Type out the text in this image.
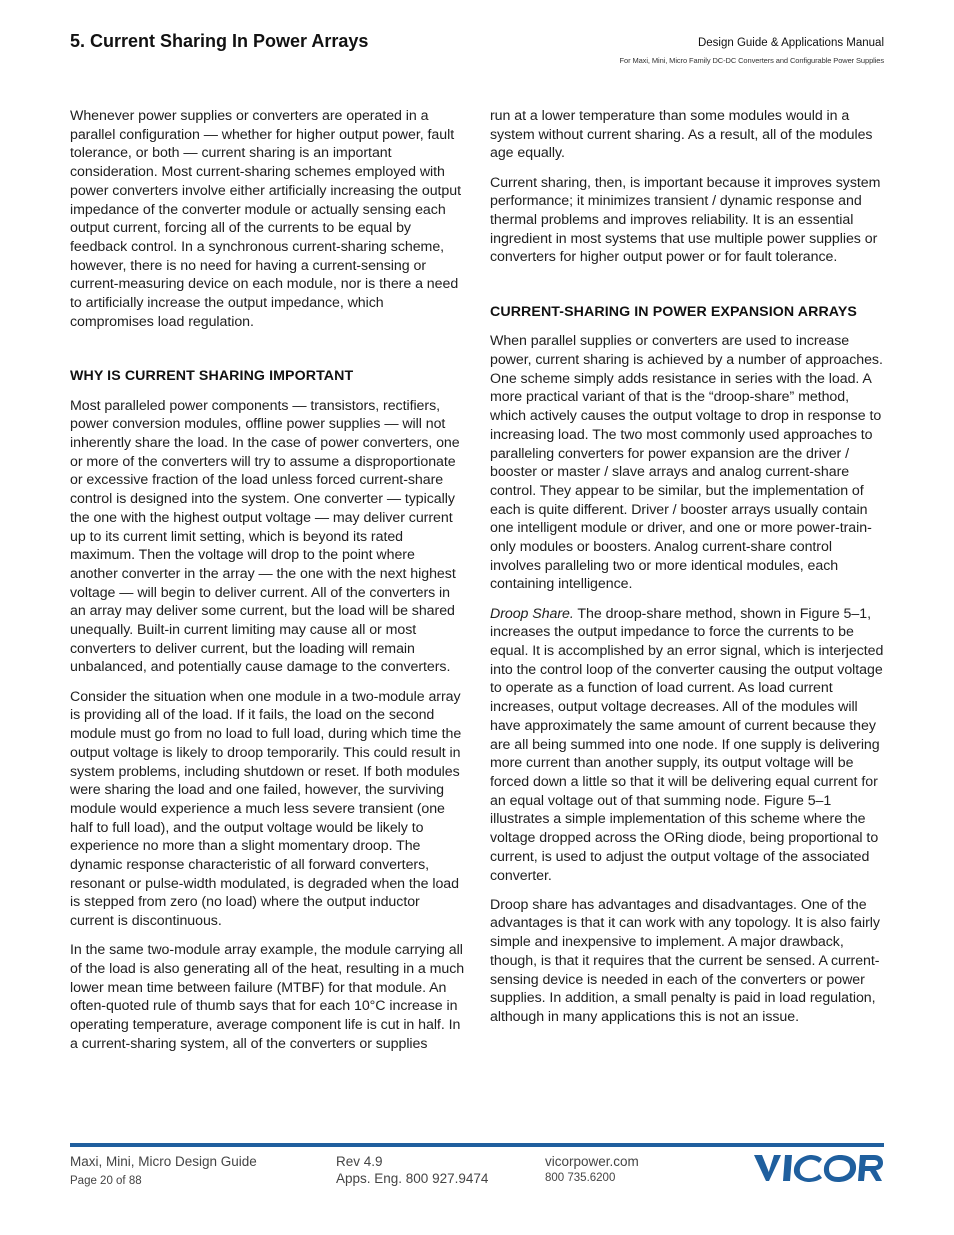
5. Current Sharing In Power Arrays	Design Guide & Applications Manual
For Maxi, Mini, Micro Family DC-DC Converters and Configurable Power Supplies

Whenever power supplies or converters are operated in a parallel configuration — whether for higher output power, fault tolerance, or both — current sharing is an important consideration. Most current-sharing schemes employed with power converters involve either artificially increasing the output impedance of the converter module or actually sensing each output current, forcing all of the currents to be equal by feedback control. In a synchronous current-sharing scheme, however, there is no need for having a current-sensing or current-measuring device on each module, nor is there a need to artificially increase the output impedance, which compromises load regulation.

WHY IS CURRENT SHARING IMPORTANT

Most paralleled power components — transistors, rectifiers, power conversion modules, offline power supplies — will not inherently share the load. In the case of power converters, one or more of the converters will try to assume a disproportionate or excessive fraction of the load unless forced current-share control is designed into the system. One converter — typically the one with the highest output voltage — may deliver current up to its current limit setting, which is beyond its rated maximum. Then the voltage will drop to the point where another converter in the array — the one with the next highest voltage — will begin to deliver current. All of the converters in an array may deliver some current, but the load will be shared unequally. Built-in current limiting may cause all or most converters to deliver current, but the loading will remain unbalanced, and potentially cause damage to the converters.

Consider the situation when one module in a two-module array is providing all of the load. If it fails, the load on the second module must go from no load to full load, during which time the output voltage is likely to droop temporarily. This could result in system problems, including shutdown or reset. If both modules were sharing the load and one failed, however, the surviving module would experience a much less severe transient (one half to full load), and the output voltage would be likely to experience no more than a slight momentary droop. The dynamic response characteristic of all forward converters, resonant or pulse-width modulated, is degraded when the load is stepped from zero (no load) where the output inductor current is discontinuous.

In the same two-module array example, the module carrying all of the load is also generating all of the heat, resulting in a much lower mean time between failure (MTBF) for that module. An often-quoted rule of thumb says that for each 10°C increase in operating temperature, average component life is cut in half. In a current-sharing system, all of the converters or supplies

run at a lower temperature than some modules would in a system without current sharing. As a result, all of the modules age equally.

Current sharing, then, is important because it improves system performance; it minimizes transient / dynamic response and thermal problems and improves reliability. It is an essential ingredient in most systems that use multiple power supplies or converters for higher output power or for fault tolerance.

CURRENT-SHARING IN POWER EXPANSION ARRAYS

When parallel supplies or converters are used to increase power, current sharing is achieved by a number of approaches. One scheme simply adds resistance in series with the load. A more practical variant of that is the “droop-share” method, which actively causes the output voltage to drop in response to increasing load. The two most commonly used approaches to paralleling converters for power expansion are the driver / booster or master / slave arrays and analog current-share control. They appear to be similar, but the implementation of each is quite different. Driver / booster arrays usually contain one intelligent module or driver, and one or more power-train-only modules or boosters. Analog current-share control involves paralleling two or more identical modules, each containing intelligence.

Droop Share. The droop-share method, shown in Figure 5–1, increases the output impedance to force the currents to be equal. It is accomplished by an error signal, which is interjected into the control loop of the converter causing the output voltage to operate as a function of load current. As load current increases, output voltage decreases. All of the modules will have approximately the same amount of current because they are all being summed into one node. If one supply is delivering more current than another supply, its output voltage will be forced down a little so that it will be delivering equal current for an equal voltage out of that summing node. Figure 5–1 illustrates a simple implementation of this scheme where the voltage dropped across the ORing diode, being proportional to current, is used to adjust the output voltage of the associated converter.

Droop share has advantages and disadvantages. One of the advantages is that it can work with any topology. It is also fairly simple and inexpensive to implement. A major drawback, though, is that it requires that the current be sensed. A current-sensing device is needed in each of the converters or power supplies. In addition, a small penalty is paid in load regulation, although in many applications this is not an issue.

Maxi, Mini, Micro Design Guide
Page 20 of 88
Rev 4.9
Apps. Eng. 800 927.9474
vicorpower.com
800 735.6200
